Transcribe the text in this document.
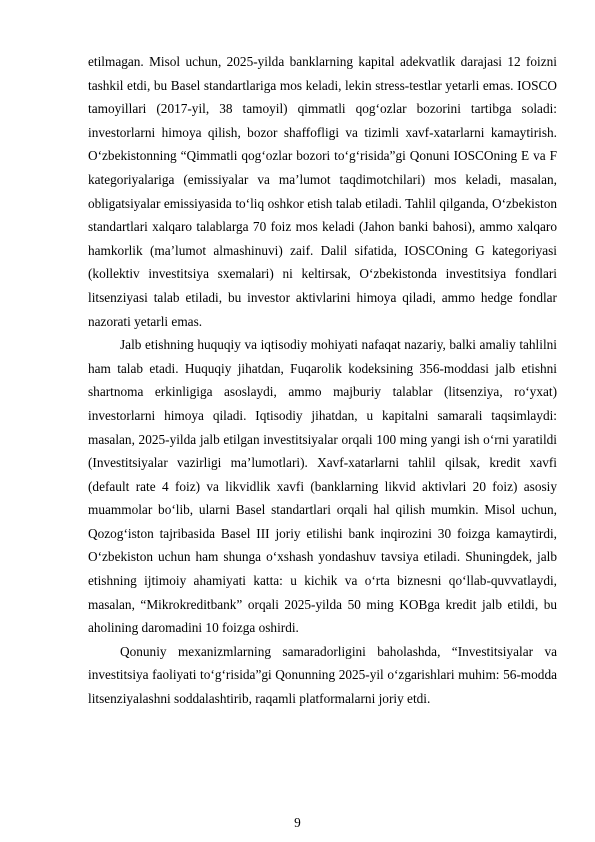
etilmagan. Misol uchun, 2025-yilda banklarning kapital adekvatlik darajasi 12 foizni tashkil etdi, bu Basel standartlariga mos keladi, lekin stress-testlar yetarli emas. IOSCO tamoyillari (2017-yil, 38 tamoyil) qimmatli qog‘ozlar bozorini tartibga soladi: investorlarni himoya qilish, bozor shaffofligi va tizimli xavf-xatarlarni kamaytirish. O‘zbekistonning “Qimmatli qog‘ozlar bozori to‘g‘risida”gi Qonuni IOSCOning E va F kategoriyalariga (emissiyalar va ma’lumot taqdimotchilari) mos keladi, masalan, obligatsiyalar emissiyasida to‘liq oshkor etish talab etiladi. Tahlil qilganda, O‘zbekiston standartlari xalqaro talablarga 70 foiz mos keladi (Jahon banki bahosi), ammo xalqaro hamkorlik (ma’lumot almashinuvi) zaif. Dalil sifatida, IOSCOning G kategoriyasi (kollektiv investitsiya sxemalari) ni keltirsak, O‘zbekistonda investitsiya fondlari litsenziyasi talab etiladi, bu investor aktivlarini himoya qiladi, ammo hedge fondlar nazorati yetarli emas.

Jalb etishning huquqiy va iqtisodiy mohiyati nafaqat nazariy, balki amaliy tahlilni ham talab etadi. Huquqiy jihatdan, Fuqarolik kodeksining 356-moddasi jalb etishni shartnoma erkinligiga asoslaydi, ammo majburiy talablar (litsenziya, ro‘yxat) investorlarni himoya qiladi. Iqtisodiy jihatdan, u kapitalni samarali taqsimlaydi: masalan, 2025-yilda jalb etilgan investitsiyalar orqali 100 ming yangi ish o‘rni yaratildi (Investitsiyalar vazirligi ma’lumotlari). Xavf-xatarlarni tahlil qilsak, kredit xavfi (default rate 4 foiz) va likvidlik xavfi (banklarning likvid aktivlari 20 foiz) asosiy muammolar bo‘lib, ularni Basel standartlari orqali hal qilish mumkin. Misol uchun, Qozog‘iston tajribasida Basel III joriy etilishi bank inqirozini 30 foizga kamaytirdi, O‘zbekiston uchun ham shunga o‘xshash yondashuv tavsiya etiladi. Shuningdek, jalb etishning ijtimoiy ahamiyati katta: u kichik va o‘rta biznesni qo‘llab-quvvatlaydi, masalan, “Mikrokreditbank” orqali 2025-yilda 50 ming KOBga kredit jalb etildi, bu aholining daromadini 10 foizga oshirdi.

Qonuniy mexanizmlarning samaradorligini baholashda, “Investitsiyalar va investitsiya faoliyati to‘g‘risida”gi Qonunning 2025-yil o‘zgarishlari muhim: 56-modda litsenziyalashni soddalashtirib, raqamli platformalarni joriy etdi.

9
